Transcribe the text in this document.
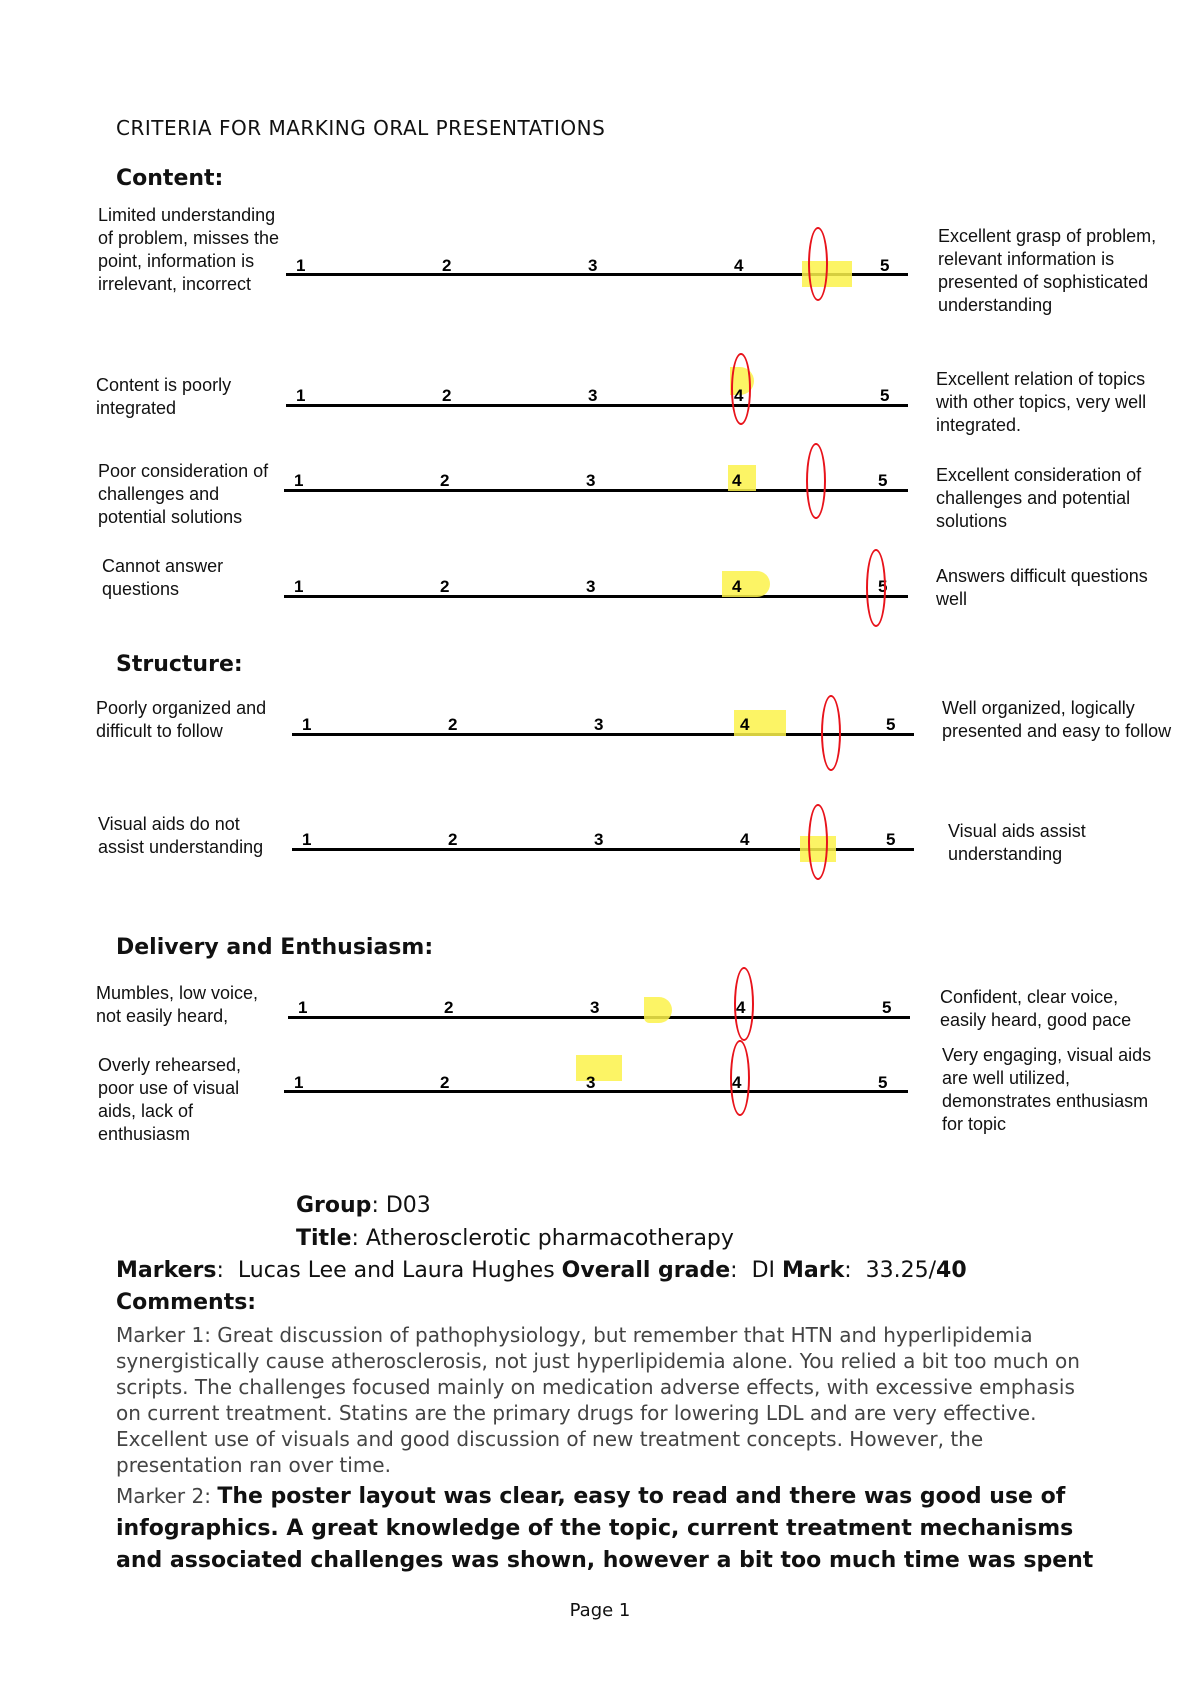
CRITERIA FOR MARKING ORAL PRESENTATIONS
Content:
Structure:
Delivery and Enthusiasm:
Limited understanding of problem, misses the point, information is irrelevant, incorrect
Excellent grasp of problem, relevant information is presented of sophisticated understanding
1	2	3	4	5
Content is poorly integrated
Excellent relation of topics with other topics, very well integrated.
1	2	3	4	5
Poor consideration of challenges and potential solutions
Excellent consideration of challenges and potential solutions
1	2	3	4	5
Cannot answer questions
Answers difficult questions well
1	2	3	4	5
Poorly organized and difficult to follow
Well organized, logically presented and easy to follow
1	2	3	4	5
Visual aids do not assist understanding
Visual aids assist understanding
1	2	3	4	5
Mumbles, low voice, not easily heard,
Confident, clear voice, easily heard, good pace
1	2	3	4	5
Overly rehearsed, poor use of visual aids, lack of enthusiasm
Very engaging, visual aids are well utilized, demonstrates enthusiasm for topic
1	2	3	4	5
Group: D03
Title: Atherosclerotic pharmacotherapy
Markers:  Lucas Lee and Laura Hughes Overall grade:  DI Mark:  33.25/40
Comments:
Marker 1: Great discussion of pathophysiology, but remember that HTN and hyperlipidemia synergistically cause atherosclerosis, not just hyperlipidemia alone. You relied a bit too much on scripts. The challenges focused mainly on medication adverse effects, with excessive emphasis on current treatment. Statins are the primary drugs for lowering LDL and are very effective. Excellent use of visuals and good discussion of new treatment concepts. However, the presentation ran over time.
Marker 2: The poster layout was clear, easy to read and there was good use of infographics. A great knowledge of the topic, current treatment mechanisms and associated challenges was shown, however a bit too much time was spent
Page 1
